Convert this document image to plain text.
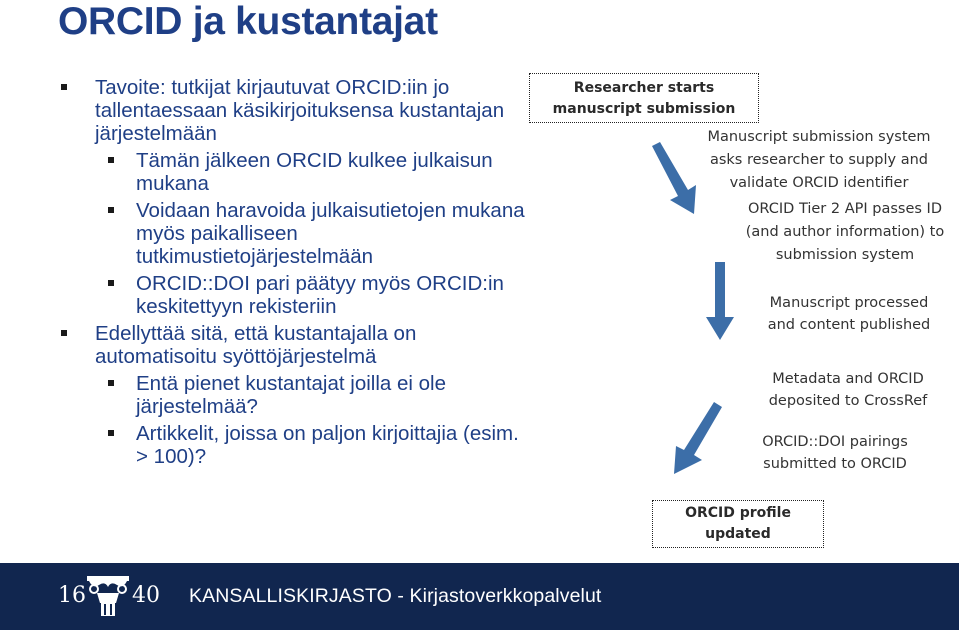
ORCID ja kustantajat
Tavoite: tutkijat kirjautuvat ORCID:iin jo tallentaessaan käsikirjoituksensa kustantajan järjestelmään
Tämän jälkeen ORCID kulkee julkaisun mukana
Voidaan haravoida julkaisutietojen mukana myös paikalliseen tutkimustietojärjestelmään
ORCID::DOI pari päätyy myös ORCID:in keskitettyyn rekisteriin
Edellyttää sitä, että kustantajalla on automatisoitu syöttöjärjestelmä
Entä pienet kustantajat joilla ei ole järjestelmää?
Artikkelit, joissa on paljon kirjoittajia (esim. > 100)?
Researcher starts manuscript submission
Manuscript submission system asks researcher to supply and validate ORCID identifier
ORCID Tier 2 API passes ID (and author information) to submission system
Manuscript processed and content published
Metadata and ORCID deposited to CrossRef
ORCID::DOI pairings submitted to ORCID
ORCID profile updated
16 40 KANSALLISKIRJASTO - Kirjastoverkkopalvelut
